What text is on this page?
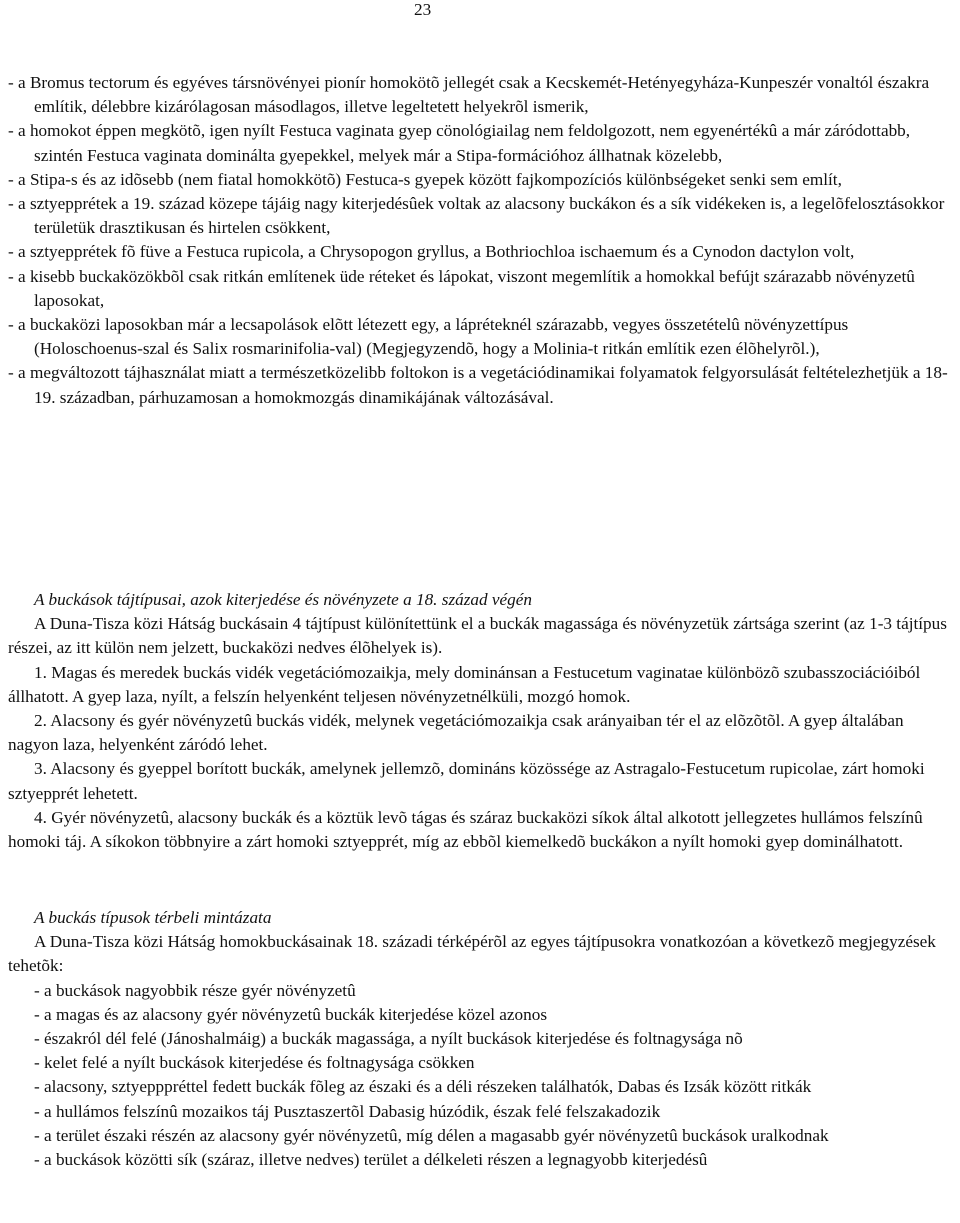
23

- a Bromus tectorum és egyéves társnövényei pionír homokötõ jellegét csak a Kecskemét-Hetényegyháza-Kunpeszér vonaltól északra említik, délebbre kizárólagosan másodlagos, illetve legeltetett helyekrõl ismerik,

- a homokot éppen megkötõ, igen nyílt Festuca vaginata gyep cönológiailag nem feldolgozott, nem egyenértékû a már záródottabb, szintén Festuca vaginata dominálta gyepekkel, melyek már a Stipa-formációhoz állhatnak közelebb,

- a Stipa-s és az idõsebb (nem fiatal homokkötõ) Festuca-s gyepek között fajkompozíciós különbségeket senki sem említ,

- a sztyepprétek a 19. század közepe tájáig nagy kiterjedésûek voltak az alacsony buckákon és a sík vidékeken is, a legelõfelosztásokkor területük drasztikusan és hirtelen csökkent,

- a sztyepprétek fõ füve a Festuca rupicola, a Chrysopogon gryllus, a Bothriochloa ischaemum és a Cynodon dactylon volt,

- a kisebb buckaközökbõl csak ritkán említenek üde réteket és lápokat, viszont megemlítik a homokkal befújt szárazabb növényzetû laposokat,

- a buckaközi laposokban már a lecsapolások elõtt létezett egy, a lápréteknél szárazabb, vegyes összetételû növényzettípus (Holoschoenus-szal és Salix rosmarinifolia-val) (Megjegyzendõ, hogy a Molinia-t ritkán említik ezen élõhelyrõl.),

- a megváltozott tájhasználat miatt a természetközelibb foltokon is a vegetációdinamikai folyamatok felgyorsulását feltételezhetjük a 18-19. században, párhuzamosan a homokmozgás dinamikájának változásával.

A buckások tájtípusai, azok kiterjedése és növényzete a 18. század végén

A Duna-Tisza közi Hátság buckásain 4 tájtípust különítettünk el a buckák magassága és növényzetük zártsága szerint (az 1-3 tájtípus részei, az itt külön nem jelzett, buckaközi nedves élõhelyek is).

1. Magas és meredek buckás vidék vegetációmozaikja, mely dominánsan a Festucetum vaginatae különbözõ szubasszociációiból állhatott. A gyep laza, nyílt, a felszín helyenként teljesen növényzetnélküli, mozgó homok.

2. Alacsony és gyér növényzetû buckás vidék, melynek vegetációmozaikja csak arányaiban tér el az elõzõtõl. A gyep általában nagyon laza, helyenként záródó lehet.

3. Alacsony és gyeppel borított buckák, amelynek jellemzõ, domináns közössége az Astragalo-Festucetum rupicolae, zárt homoki sztyepprét lehetett.

4. Gyér növényzetû, alacsony buckák és a köztük levõ tágas és száraz buckaközi síkok által alkotott jellegzetes hullámos felszínû homoki táj. A síkokon többnyire a zárt homoki sztyepprét, míg az ebbõl kiemelkedõ buckákon a nyílt homoki gyep dominálhatott.

A buckás típusok térbeli mintázata

A Duna-Tisza közi Hátság homokbuckásainak 18. századi térképérõl az egyes tájtípusokra vonatkozóan a következõ megjegyzések tehetõk:

- a buckások nagyobbik része gyér növényzetû

- a magas és az alacsony gyér növényzetû buckák kiterjedése közel azonos

- északról dél felé (Jánoshalmáig) a buckák magassága, a nyílt buckások kiterjedése és foltnagysága nõ

- kelet felé a nyílt buckások kiterjedése és foltnagysága csökken

- alacsony, sztyepppréttel fedett buckák fõleg az északi és a déli részeken találhatók, Dabas és Izsák között ritkák

- a hullámos felszínû mozaikos táj Pusztaszertõl Dabasig húzódik, észak felé felszakadozik

- a terület északi részén az alacsony gyér növényzetû, míg délen a magasabb gyér növényzetû buckások uralkodnak

- a buckások közötti sík (száraz, illetve nedves) terület a délkeleti részen a legnagyobb kiterjedésû
